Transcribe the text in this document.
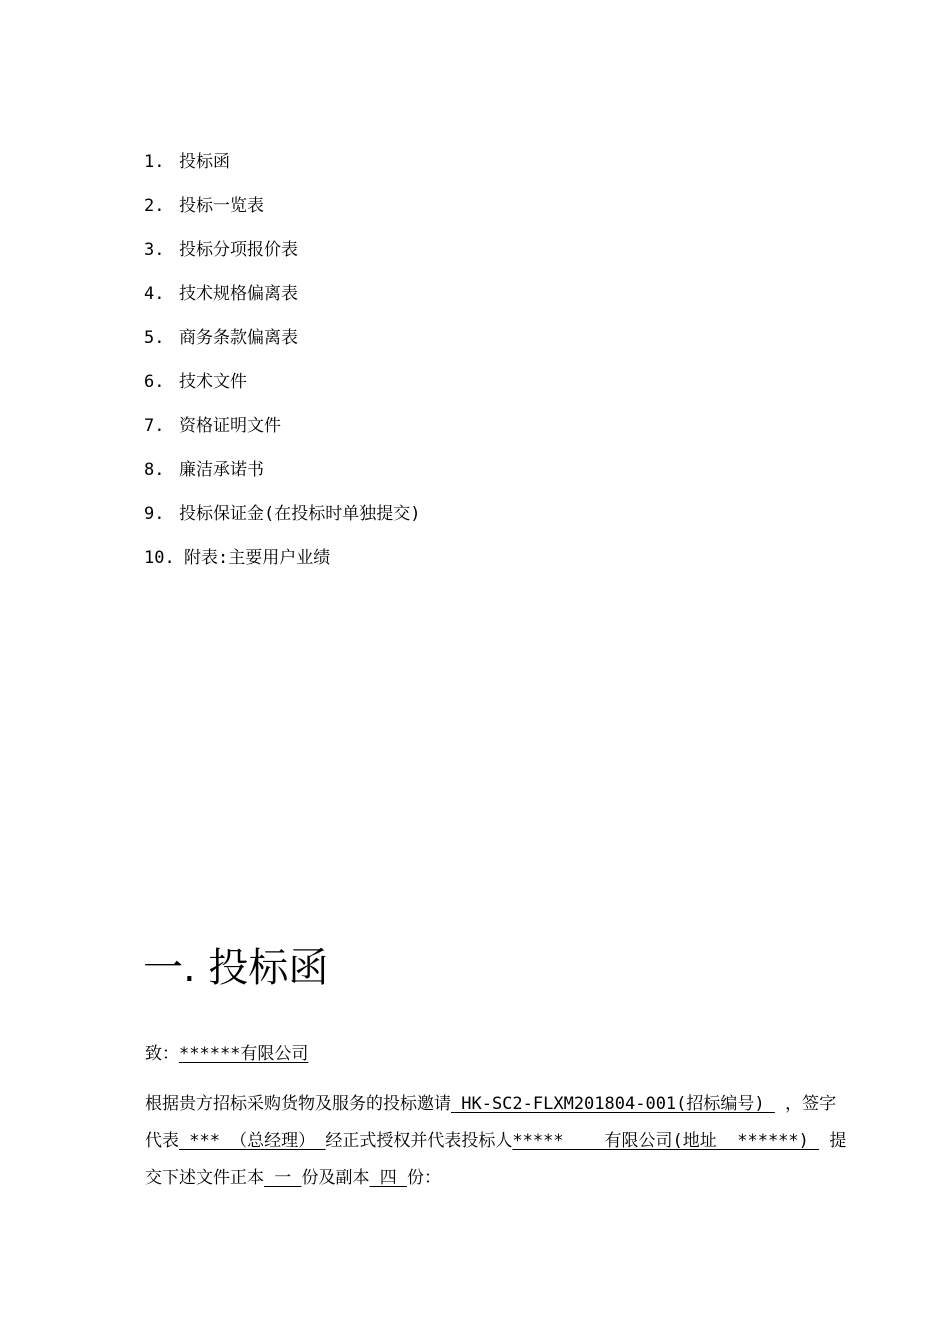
1. 投标函
2. 投标一览表
3. 投标分项报价表
4. 技术规格偏离表
5. 商务条款偏离表
6. 技术文件
7. 资格证明文件
8. 廉洁承诺书
9. 投标保证金(在投标时单独提交)
10. 附表:主要用户业绩
一. 投标函
致：******有限公司
根据贵方招标采购货物及服务的投标邀请 HK-SC2-FLXM201804-001(招标编号)  ，签字
代表 *** （总经理） 经正式授权并代表投标人*****    有限公司(地址  ******)  提
交下述文件正本 一 份及副本 四 份：
